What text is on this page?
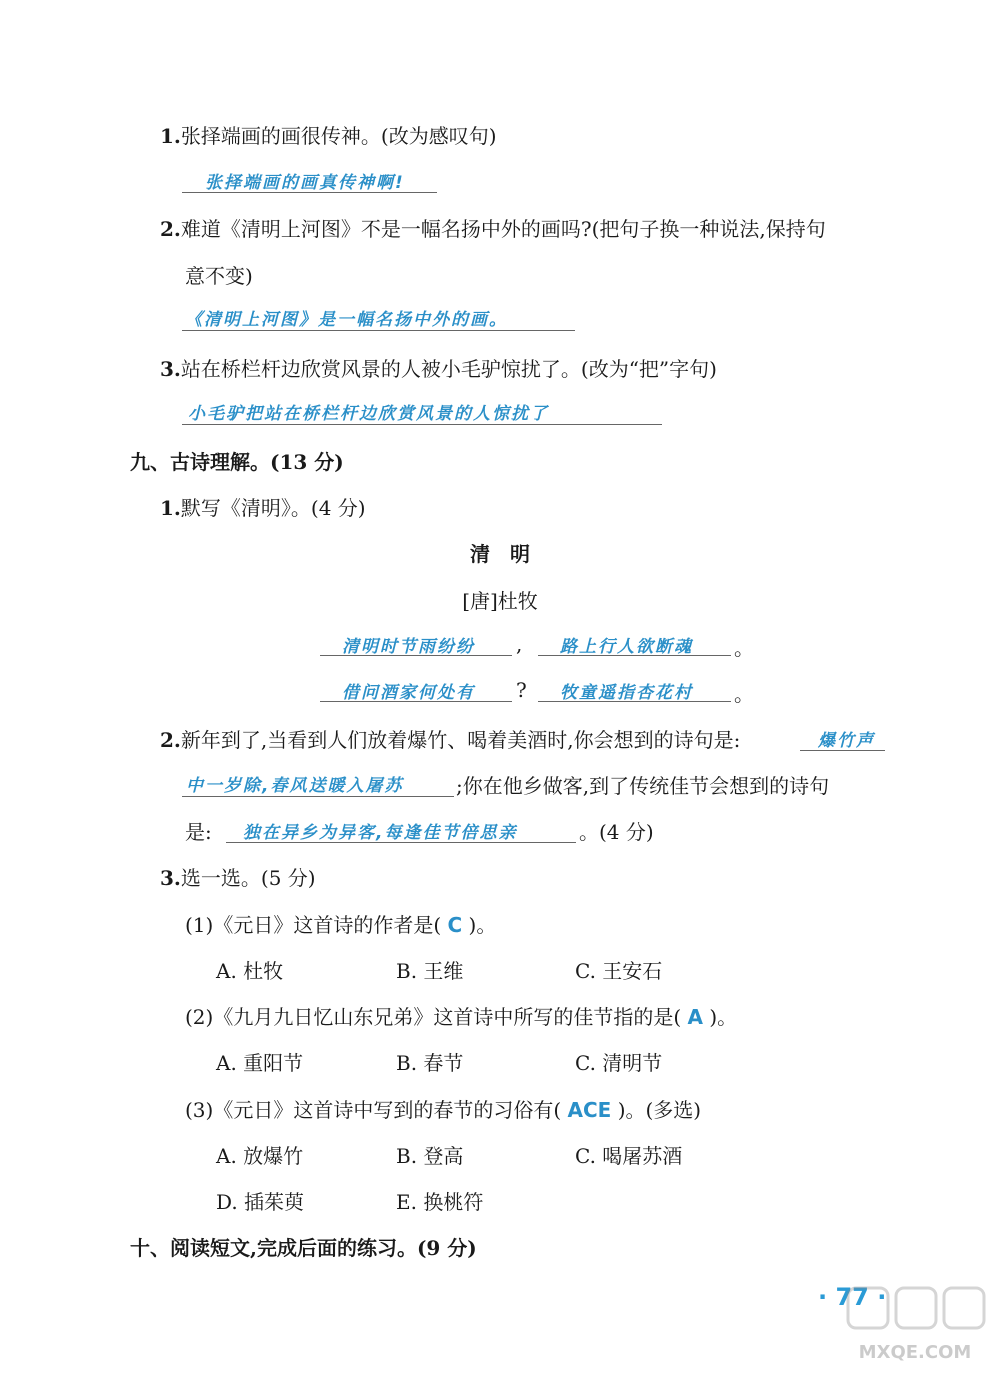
1.张择端画的画很传神。(改为感叹句)
张择端画的画真传神啊!
2.难道《清明上河图》不是一幅名扬中外的画吗?(把句子换一种说法,保持句
意不变)
《清明上河图》是一幅名扬中外的画。
3.站在桥栏杆边欣赏风景的人被小毛驴惊扰了。(改为“把”字句)
小毛驴把站在桥栏杆边欣赏风景的人惊扰了
九、古诗理解。(13 分)
1.默写《清明》。(4 分)
清　明
[唐]杜牧
清明时节雨纷纷 , 路上行人欲断魂 。
借问酒家何处有 ? 牧童遥指杏花村 。
2.新年到了,当看到人们放着爆竹、喝着美酒时,你会想到的诗句是:	爆竹声
中一岁除,春风送暖入屠苏	;你在他乡做客,到了传统佳节会想到的诗句
是: 独在异乡为异客,每逢佳节倍思亲	。(4 分)
3.选一选。(5 分)
(1)《元日》这首诗的作者是( C )。
A. 杜牧	B. 王维	C. 王安石
(2)《九月九日忆山东兄弟》这首诗中所写的佳节指的是( A )。
A. 重阳节	B. 春节	C. 清明节
(3)《元日》这首诗中写到的春节的习俗有( ACE )。(多选)
A. 放爆竹	B. 登高	C. 喝屠苏酒
D. 插茱萸	E. 换桃符
十、阅读短文,完成后面的练习。(9 分)
· 77 ·
MXQE.COM
